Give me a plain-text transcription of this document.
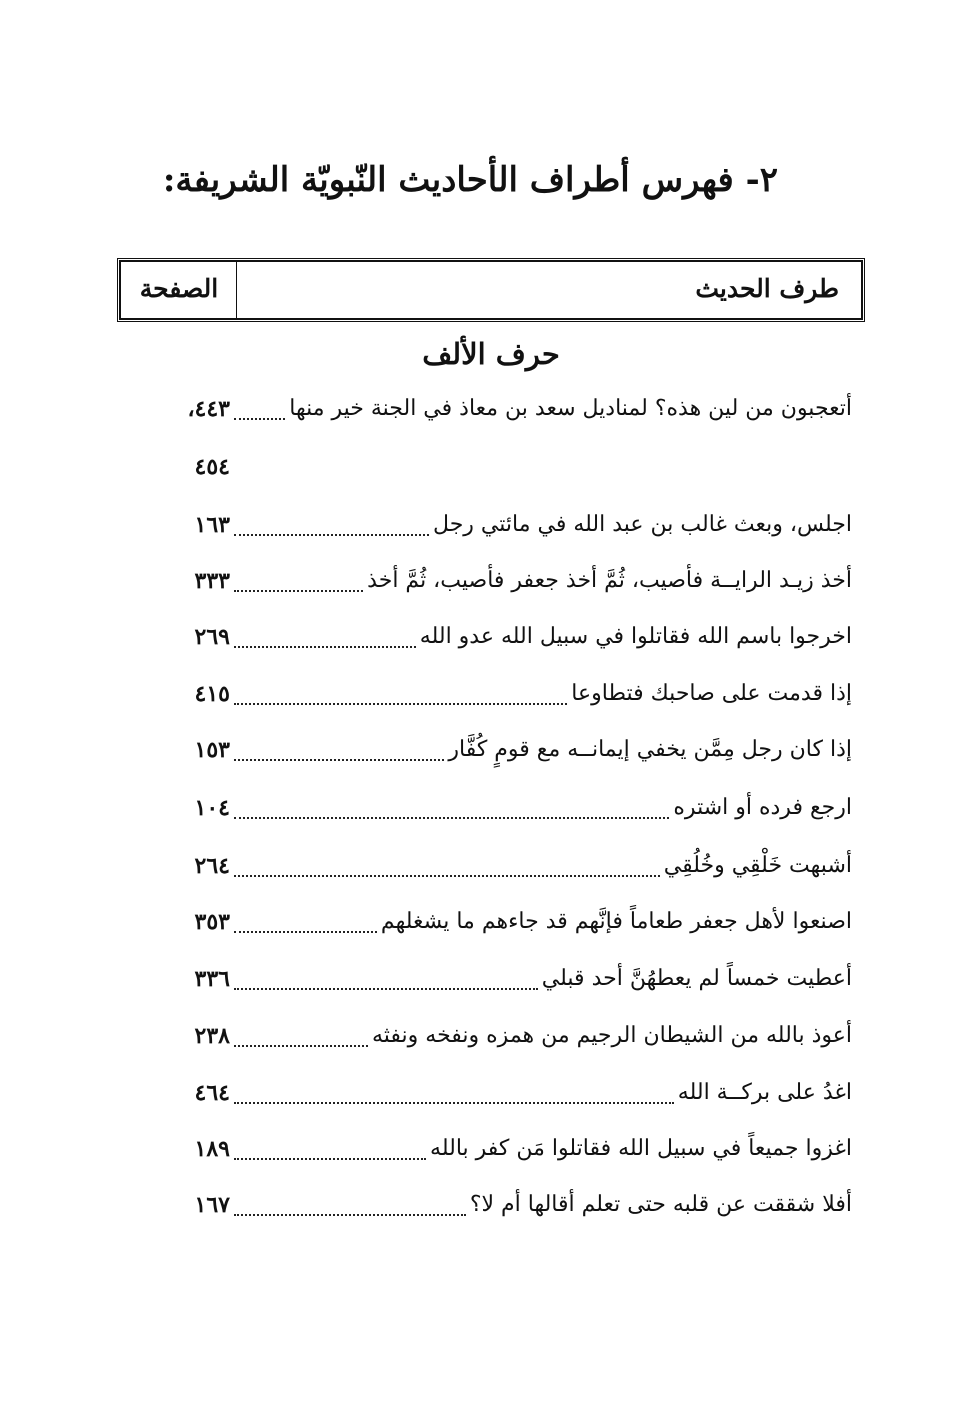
٢- فهرس أطراف الأحاديث النّبويّة الشريفة:
طرف الحديث
الصفحة
حرف الألف
أتعجبون من لين هذه؟ لمناديل سعد بن معاذ في الجنة خير منها
٤٤٣،
٤٥٤
اجلس، وبعث غالب بن عبد الله في مائتي رجل
١٦٣
أخذ زيـد الرايــة فأصيب، ثُمَّ أخذ جعفر فأصيب، ثُمَّ أخذ
٣٣٣
اخرجوا باسم الله فقاتلوا في سبيل الله عدو الله
٢٦٩
إذا قدمت على صاحبك فتطاوعا
٤١٥
إذا كان رجل مِمَّن يخفي إيمانــه مع قومٍ كُفَّار
١٥٣
ارجع فرده أو اشتره
١٠٤
أشبهت خَلْقِي وخُلُقِي
٢٦٤
اصنعوا لأهل جعفر طعاماً فإنَّهم قد جاءهم ما يشغلهم
٣٥٣
أعطيت خمساً لم يعطهُنَّ أحد قبلي
٣٣٦
أعوذ بالله من الشيطان الرجيم من همزه ونفخه ونفثه
٢٣٨
اغدُ على بركــة الله
٤٦٤
اغزوا جميعاً في سبيل الله فقاتلوا مَن كفر بالله
١٨٩
أفلا شققت عن قلبه حتى تعلم أقالها أم لا؟
١٦٧
